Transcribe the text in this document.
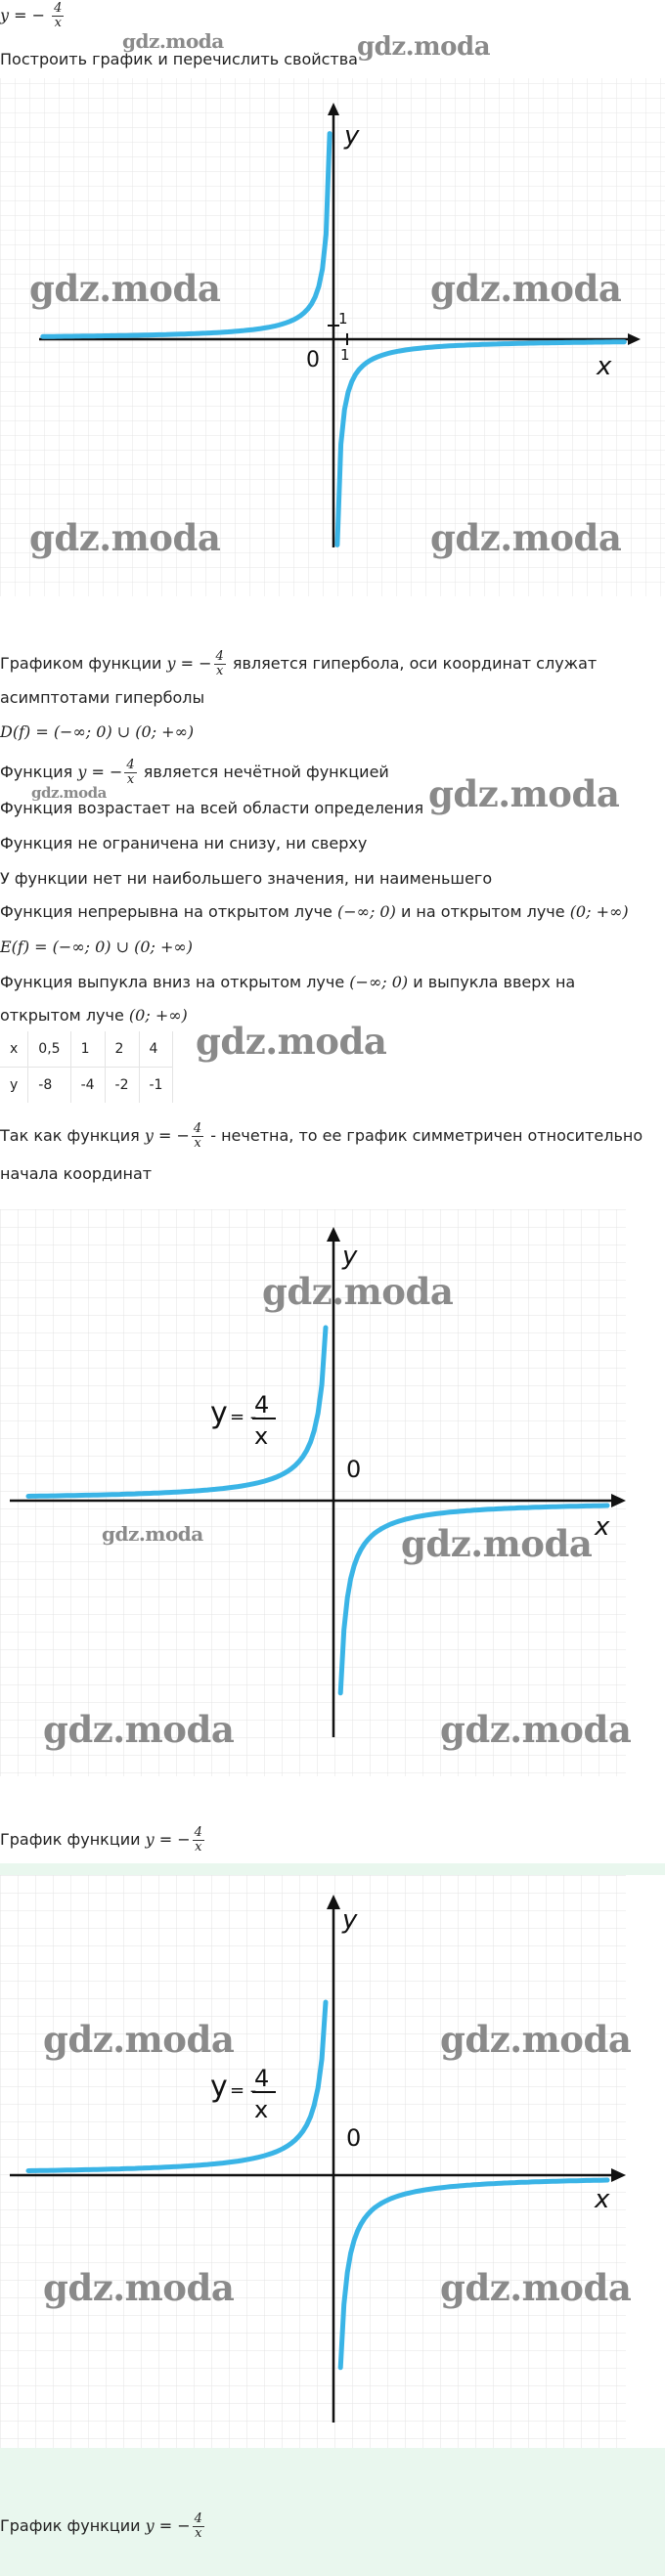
y = − $\frac{4}{x}$
gdz.moda
Построить график и перечислить свойства gdz.moda
y
x
0 1
1
gdz.moda	gdz.moda
gdz.moda	gdz.moda
Графиком функции y = − $\frac{4}{x}$ является гипербола, оси координат служат
асимптотами гиперболы
D(f) = (−∞; 0) ∪ (0; +∞)
Функция y = − $\frac{4}{x}$ является нечётной функцией
gdz.moda
Функция возрастает на всей области определения gdz.moda
Функция не ограничена ни снизу, ни сверху
У функции нет ни наибольшего значения, ни наименьшего
Функция непрерывна на открытом луче (−∞; 0) и на открытом луче (0; +∞)
E(f) = (−∞; 0) ∪ (0; +∞)
Функция выпукла вниз на открытом луче (−∞; 0) и выпукла вверх на
открытом луче (0; +∞)
x	0,5	1	2	4
y	-8	-4	-2	-1
gdz.moda
Так как функция y = − $\frac{4}{x}$ - нечетна, то ее график симметричен относительно
начала координат
y
x
0
y = -
4
x
gdz.moda
gdz.moda	gdz.moda
gdz.moda	gdz.moda
График функции y = − $\frac{4}{x}$
y
x
0
y = -
4
x
gdz.moda	gdz.moda
gdz.moda	gdz.moda
График функции y = − $\frac{4}{x}$
